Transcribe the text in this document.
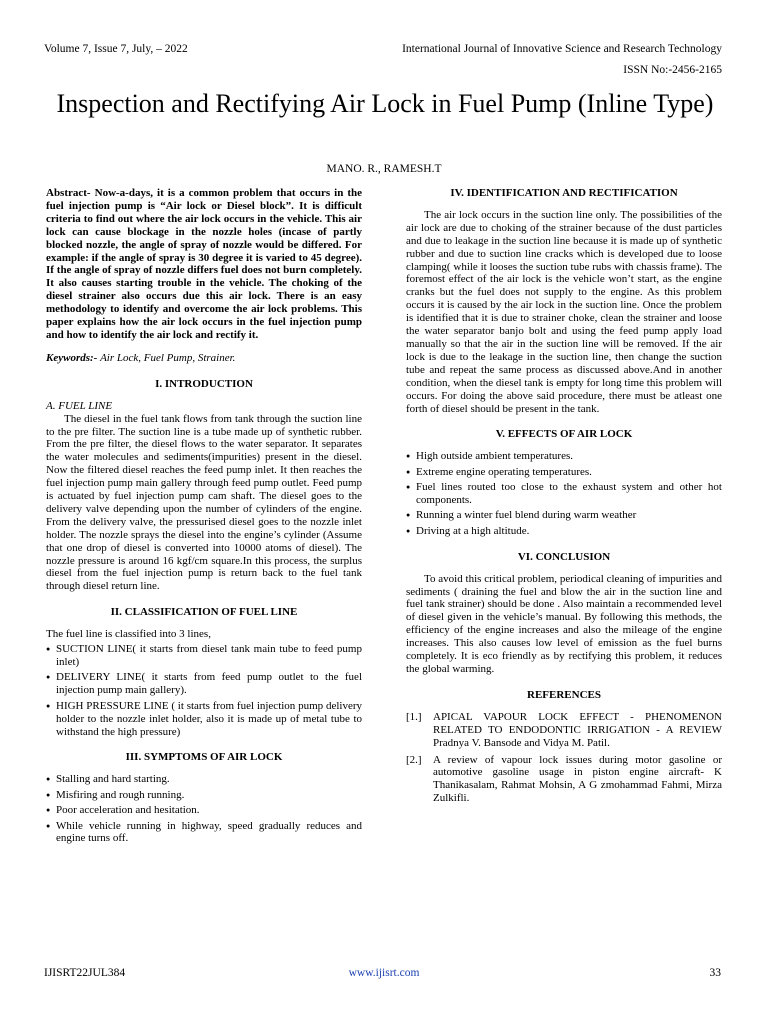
Volume 7, Issue 7, July, – 2022	International Journal of Innovative Science and Research Technology
ISSN No:-2456-2165
Inspection and Rectifying Air Lock in Fuel Pump (Inline Type)
MANO. R., RAMESH.T

Abstract- Now-a-days, it is a common problem that occurs in the fuel injection pump is “Air lock or Diesel block”. It is difficult criteria to find out where the air lock occurs in the vehicle. This air lock can cause blockage in the nozzle holes (incase of partly blocked nozzle, the angle of spray of nozzle would be differed. For example: if the angle of spray is 30 degree it is varied to 45 degree). If the angle of spray of nozzle differs fuel does not burn completely. It also causes starting trouble in the vehicle. The choking of the diesel strainer also occurs due this air lock. There is an easy methodology to identify and overcome the air lock problems. This paper explains how the air lock occurs in the fuel injection pump and how to identify the air lock and rectify it.

Keywords:- Air Lock, Fuel Pump, Strainer.

I. INTRODUCTION

A. FUEL LINE

The diesel in the fuel tank flows from tank through the suction line to the pre filter. The suction line is a tube made up of synthetic rubber. From the pre filter, the diesel flows to the water separator. It separates the water molecules and sediments(impurities) present in the diesel. Now the filtered diesel reaches the feed pump inlet. It then reaches the fuel injection pump main gallery through feed pump outlet. Feed pump is actuated by fuel injection pump cam shaft. The diesel goes to the delivery valve depending upon the number of cylinders of the engine. From the delivery valve, the pressurised diesel goes to the nozzle inlet holder. The nozzle sprays the diesel into the engine’s cylinder (Assume that one drop of diesel is converted into 10000 atoms of diesel). The nozzle pressure is around 16 kgf/cm square.In this process, the surplus diesel from the fuel injection pump is return back to the fuel tank through diesel return line.

II. CLASSIFICATION OF FUEL LINE

The fuel line is classified into 3 lines,

● SUCTION LINE( it starts from diesel tank main tube to feed pump inlet)
● DELIVERY LINE( it starts from feed pump outlet to the fuel injection pump main gallery).
● HIGH PRESSURE LINE ( it starts from fuel injection pump delivery holder to the nozzle inlet holder, also it is made up of metal tube to withstand the high pressure)
III. SYMPTOMS OF AIR LOCK
● Stalling and hard starting.
● Misfiring and rough running.
● Poor acceleration and hesitation.
● While vehicle running in highway, speed gradually reduces and engine turns off.
IV. IDENTIFICATION AND RECTIFICATION

The air lock occurs in the suction line only. The possibilities of the air lock are due to choking of the strainer because of the dust particles and due to leakage in the suction line because it is made up of synthetic rubber and due to suction line cracks which is developed due to loose clamping( while it looses the suction tube rubs with chassis frame). The foremost effect of the air lock is the vehicle won’t start, as the engine cranks but the fuel does not supply to the engine. As this problem occurs it is caused by the air lock in the suction line. Once the problem is identified that it is due to strainer choke, clean the strainer and loose the water separator banjo bolt and using the feed pump apply load manually so that the air in the suction line will be removed. If the air lock is due to the leakage in the suction line, then change the suction tube and repeat the same process as discussed above.And in another condition, when the diesel tank is empty for long time this problem will occurs. For doing the above said procedure, there must be atleast one forth of diesel should be present in the tank.

V. EFFECTS OF AIR LOCK
● High outside ambient temperatures.
● Extreme engine operating temperatures.
● Fuel lines routed too close to the exhaust system and other hot components.
● Running a winter fuel blend during warm weather
● Driving at a high altitude.
VI. CONCLUSION

To avoid this critical problem, periodical cleaning of impurities and sediments ( draining the fuel and blow the air in the suction line and fuel tank strainer) should be done . Also maintain a recommended level of diesel given in the vehicle’s manual. By following this methods, the efficiency of the engine increases and also the mileage of the engine increases. This also causes low level of emission as the fuel burns completely. It is eco friendly as by rectifying this problem, it reduces the global warming.

REFERENCES
[1.]	APICAL VAPOUR LOCK EFFECT - PHENOMENON RELATED TO ENDODONTIC IRRIGATION - A REVIEW Pradnya V. Bansode and Vidya M. Patil.
[2.]	A review of vapour lock issues during motor gasoline or automotive gasoline usage in piston engine aircraft- K Thanikasalam, Rahmat Mohsin, A G zmohammad Fahmi, Mirza Zulkifli.
IJISRT22JUL384	www.ijisrt.com	33
